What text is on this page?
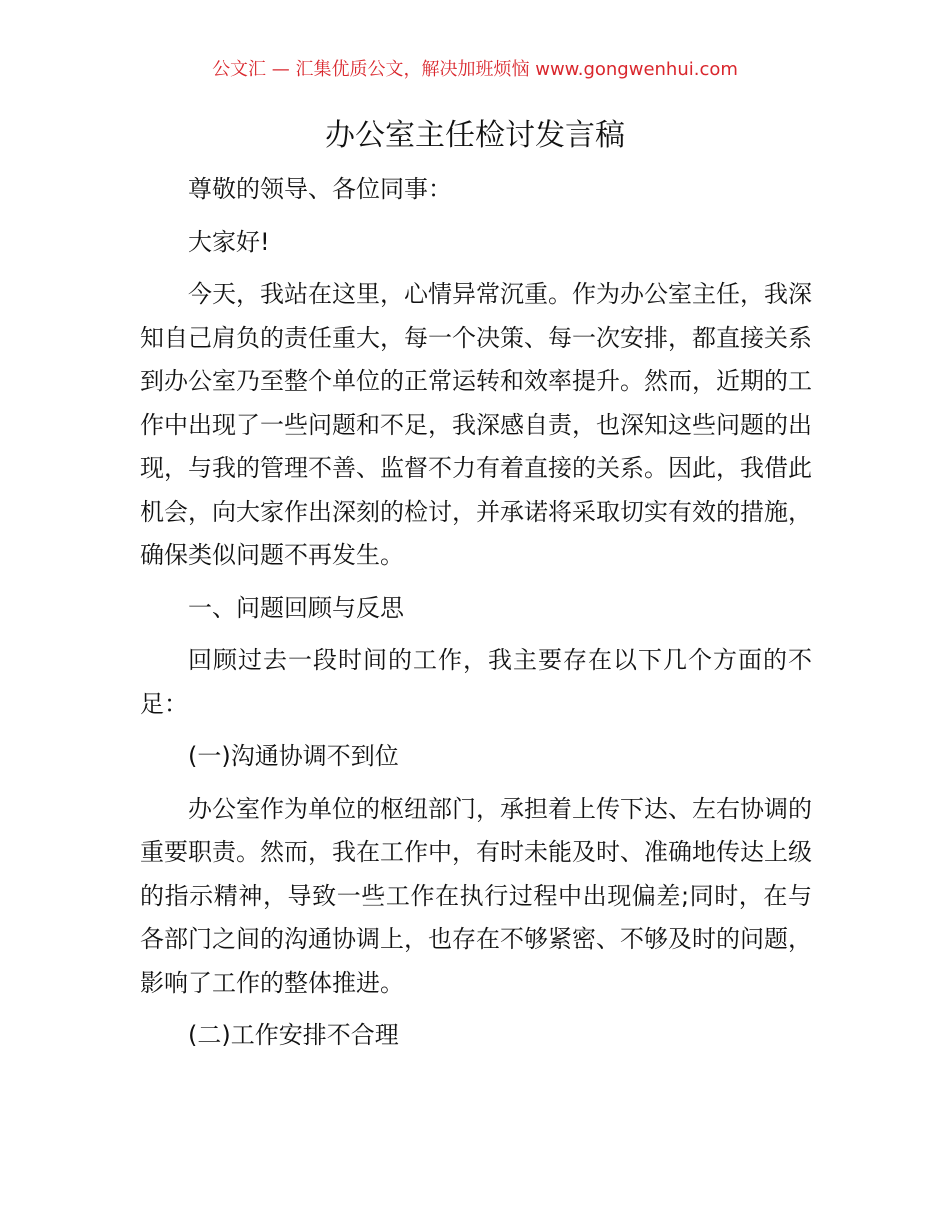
公文汇 — 汇集优质公文，解决加班烦恼 www.gongwenhui.com
办公室主任检讨发言稿

尊敬的领导、各位同事：

大家好!

今天，我站在这里，心情异常沉重。作为办公室主任，我深知自己肩负的责任重大，每一个决策、每一次安排，都直接关系到办公室乃至整个单位的正常运转和效率提升。然而，近期的工作中出现了一些问题和不足，我深感自责，也深知这些问题的出现，与我的管理不善、监督不力有着直接的关系。因此，我借此机会，向大家作出深刻的检讨，并承诺将采取切实有效的措施，确保类似问题不再发生。

一、问题回顾与反思

回顾过去一段时间的工作，我主要存在以下几个方面的不足：

(一)沟通协调不到位

办公室作为单位的枢纽部门，承担着上传下达、左右协调的重要职责。然而，我在工作中，有时未能及时、准确地传达上级的指示精神，导致一些工作在执行过程中出现偏差;同时，在与各部门之间的沟通协调上，也存在不够紧密、不够及时的问题，影响了工作的整体推进。

(二)工作安排不合理
